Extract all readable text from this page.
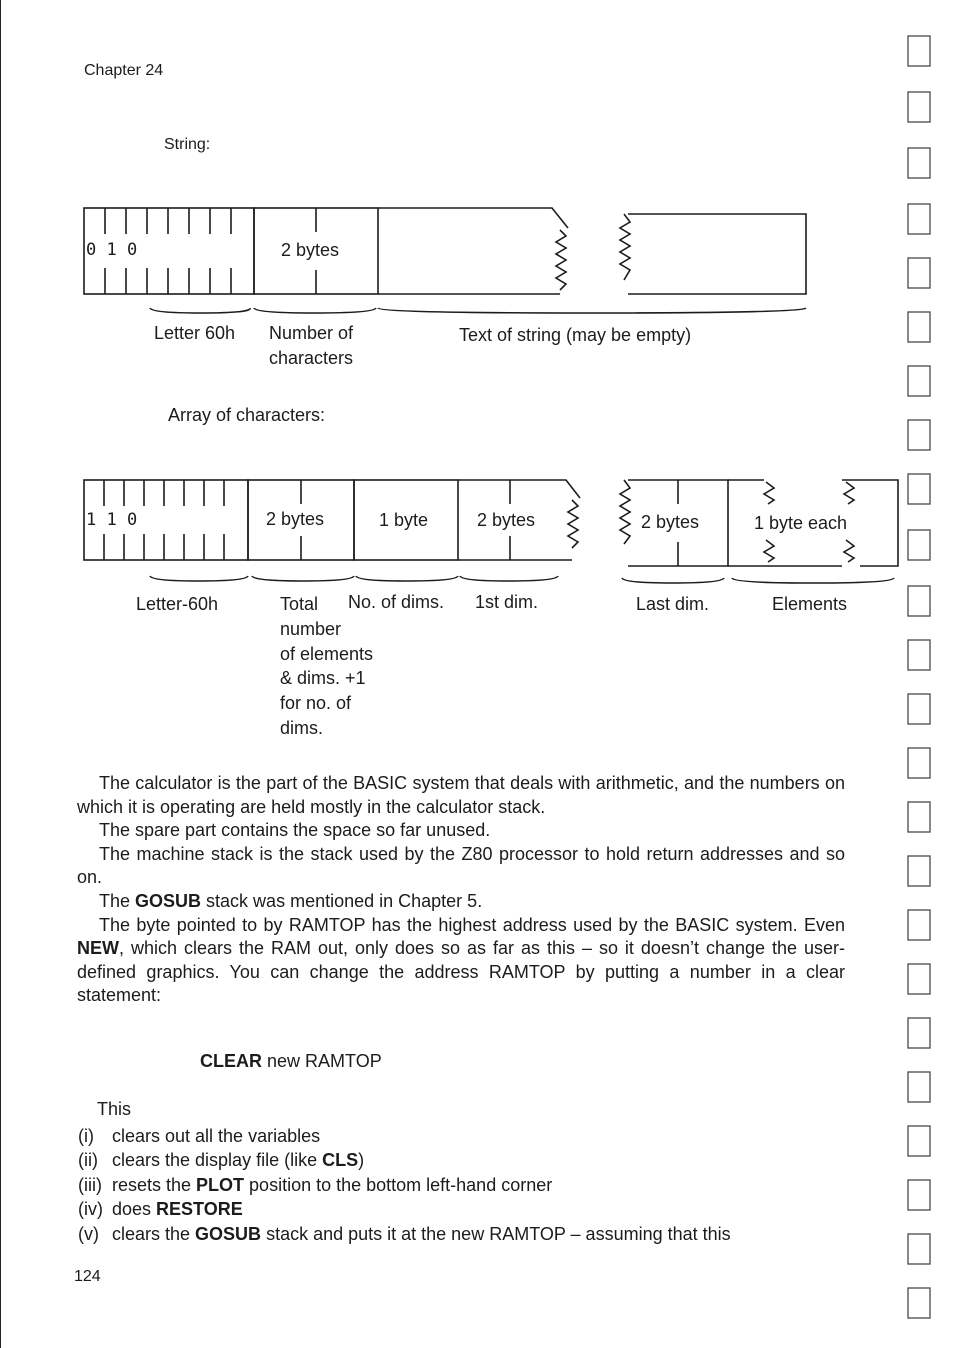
Chapter 24
String:
0 1 0	2 bytes
Letter 60h Number of
characters
Text of string (may be empty)
Array of characters:
1 1 0	2 bytes	1 byte	2 bytes	2 bytes	1 byte each
Letter-60h	Total
number
of elements
& dims. +1
for no. of
dims.
No. of dims. 1st dim.	Last dim.	Elements

The calculator is the part of the BASIC system that deals with arithmetic, and the numbers on which it is operating are held mostly in the calculator stack.

The spare part contains the space so far unused.

The machine stack is the stack used by the Z80 processor to hold return addresses and so on.

The GOSUB stack was mentioned in Chapter 5.

The byte pointed to by RAMTOP has the highest address used by the BASIC system. Even NEW, which clears the RAM out, only does so as far as this – so it doesn’t change the user-defined graphics. You can change the address RAMTOP by putting a number in a clear statement:

CLEAR new RAMTOP
This
(i) clears out all the variables
(ii) clears the display file (like CLS)
(iii) resets the PLOT position to the bottom left-hand corner
(iv) does RESTORE
(v) clears the GOSUB stack and puts it at the new RAMTOP – assuming that this
124
